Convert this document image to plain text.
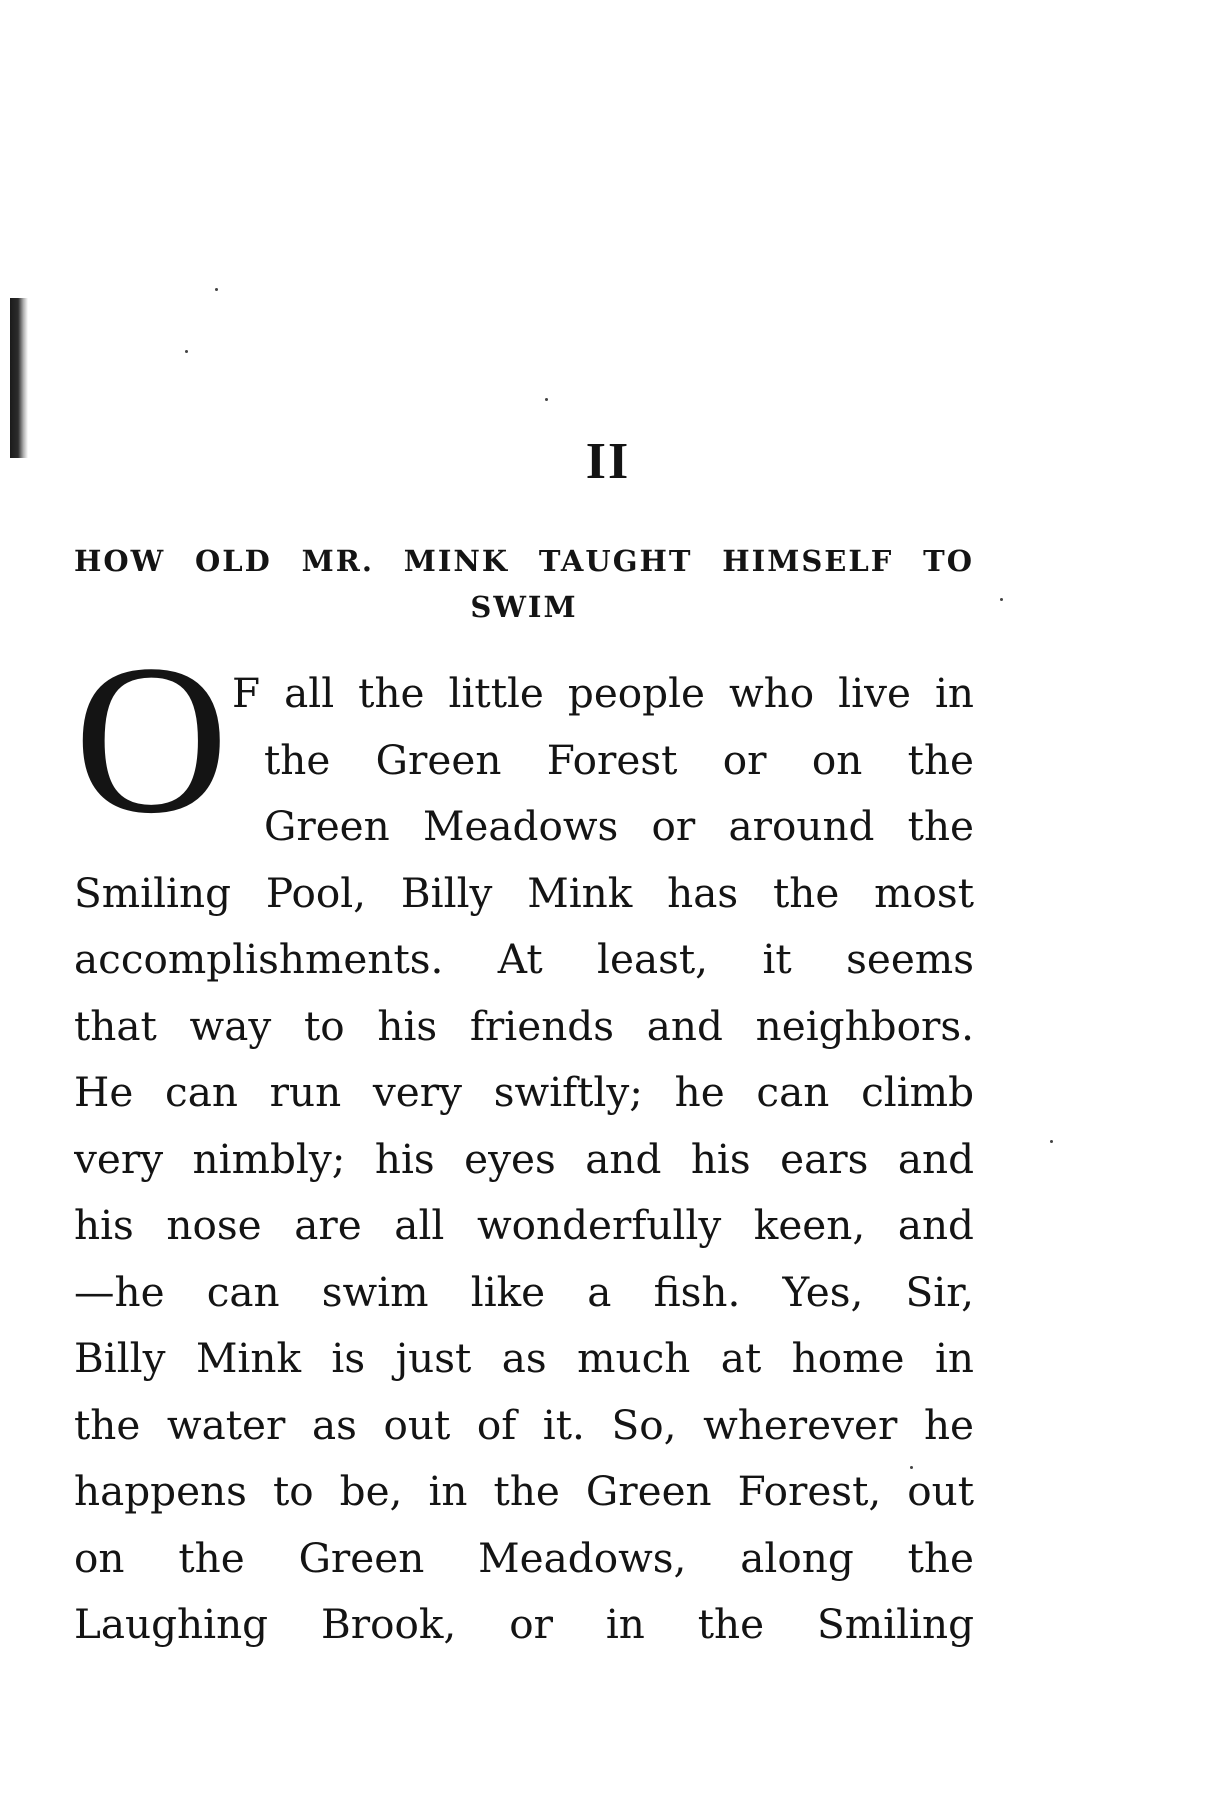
II
HOW OLD MR. MINK TAUGHT HIMSELF TO
SWIM
O F all the little people who live in
the Green Forest or on the
Green Meadows or around the
Smiling Pool, Billy Mink has the most
accomplishments. At least, it seems
that way to his friends and neighbors.
He can run very swiftly; he can climb
very nimbly; his eyes and his ears and
his nose are all wonderfully keen, and
—he can swim like a fish. Yes, Sir,
Billy Mink is just as much at home in
the water as out of it. So, wherever he
happens to be, in the Green Forest, out
on the Green Meadows, along the
Laughing Brook, or in the Smiling
